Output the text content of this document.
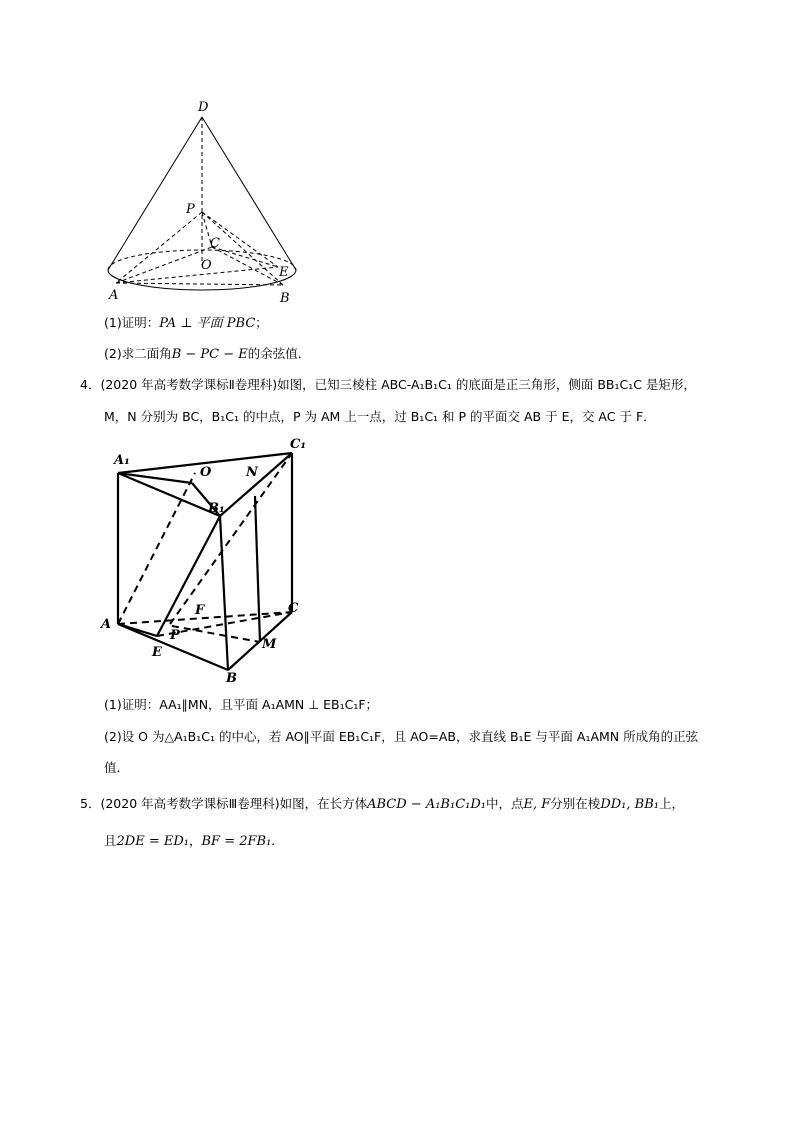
D
P
C
O	E
A	B
(1)证明：PA ⊥ 平面 PBC；
(2)求二面角B − PC − E的余弦值．
4．(2020 年高考数学课标Ⅱ卷理科)如图，已知三棱柱 ABC-A₁B₁C₁ 的底面是正三角形，侧面 BB₁C₁C 是矩形，
M，N 分别为 BC，B₁C₁ 的中点，P 为 AM 上一点，过 B₁C₁ 和 P 的平面交 AB 于 E，交 AC 于 F．
A₁
O	N
C₁
B₁
F	C
A
P
M
E
B
(1)证明：AA₁∥MN，且平面 A₁AMN ⊥ EB₁C₁F；
(2)设 O 为△A₁B₁C₁ 的中心，若 AO∥平面 EB₁C₁F，且 AO=AB，求直线 B₁E 与平面 A₁AMN 所成角的正弦
值．
5．(2020 年高考数学课标Ⅲ卷理科)如图，在长方体ABCD − A₁B₁C₁D₁中，点E, F分别在棱DD₁, BB₁上，
且2DE = ED₁，BF = 2FB₁．
